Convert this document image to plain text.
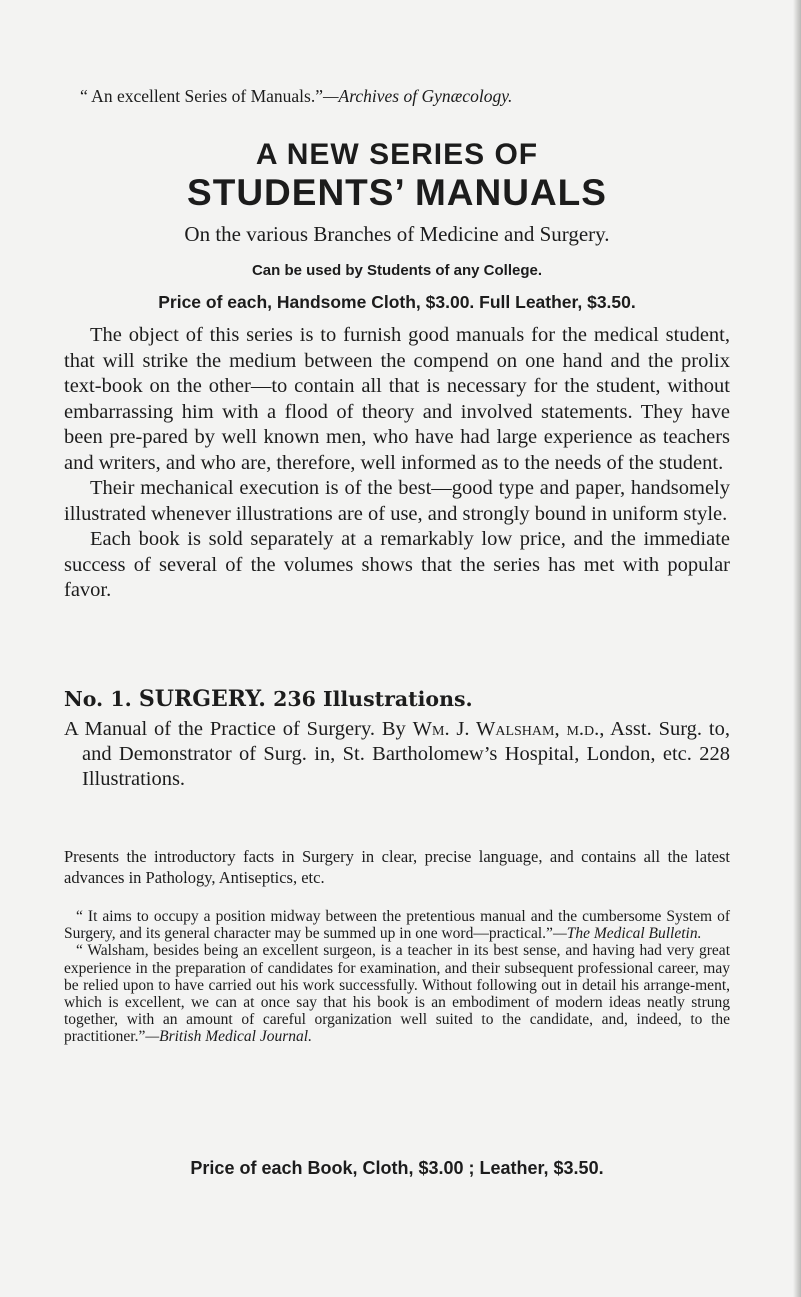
“ An excellent Series of Manuals.”—Archives of Gynæcology.
A NEW SERIES OF
STUDENTS’ MANUALS
On the various Branches of Medicine and Surgery.
Can be used by Students of any College.
Price of each, Handsome Cloth, $3.00. Full Leather, $3.50.

The object of this series is to furnish good manuals for the medical student, that will strike the medium between the compend on one hand and the prolix text-book on the other—to contain all that is necessary for the student, without embarrassing him with a flood of theory and involved statements. They have been pre-pared by well known men, who have had large experience as teachers and writers, and who are, therefore, well informed as to the needs of the student.

Their mechanical execution is of the best—good type and paper, handsomely illustrated whenever illustrations are of use, and strongly bound in uniform style.

Each book is sold separately at a remarkably low price, and the immediate success of several of the volumes shows that the series has met with popular favor.

No. 1. SURGERY. 236 Illustrations.

A Manual of the Practice of Surgery. By Wm. J. Walsham, m.d., Asst. Surg. to, and Demonstrator of Surg. in, St. Bartholomew’s Hospital, London, etc. 228 Illustrations.

Presents the introductory facts in Surgery in clear, precise language, and contains all the latest advances in Pathology, Antiseptics, etc.

“ It aims to occupy a position midway between the pretentious manual and the cumbersome System of Surgery, and its general character may be summed up in one word—practical.”—The Medical Bulletin.

“ Walsham, besides being an excellent surgeon, is a teacher in its best sense, and having had very great experience in the preparation of candidates for examination, and their subsequent professional career, may be relied upon to have carried out his work successfully. Without following out in detail his arrange-ment, which is excellent, we can at once say that his book is an embodiment of modern ideas neatly strung together, with an amount of careful organization well suited to the candidate, and, indeed, to the practitioner.”—British Medical Journal.

Price of each Book, Cloth, $3.00 ; Leather, $3.50.
